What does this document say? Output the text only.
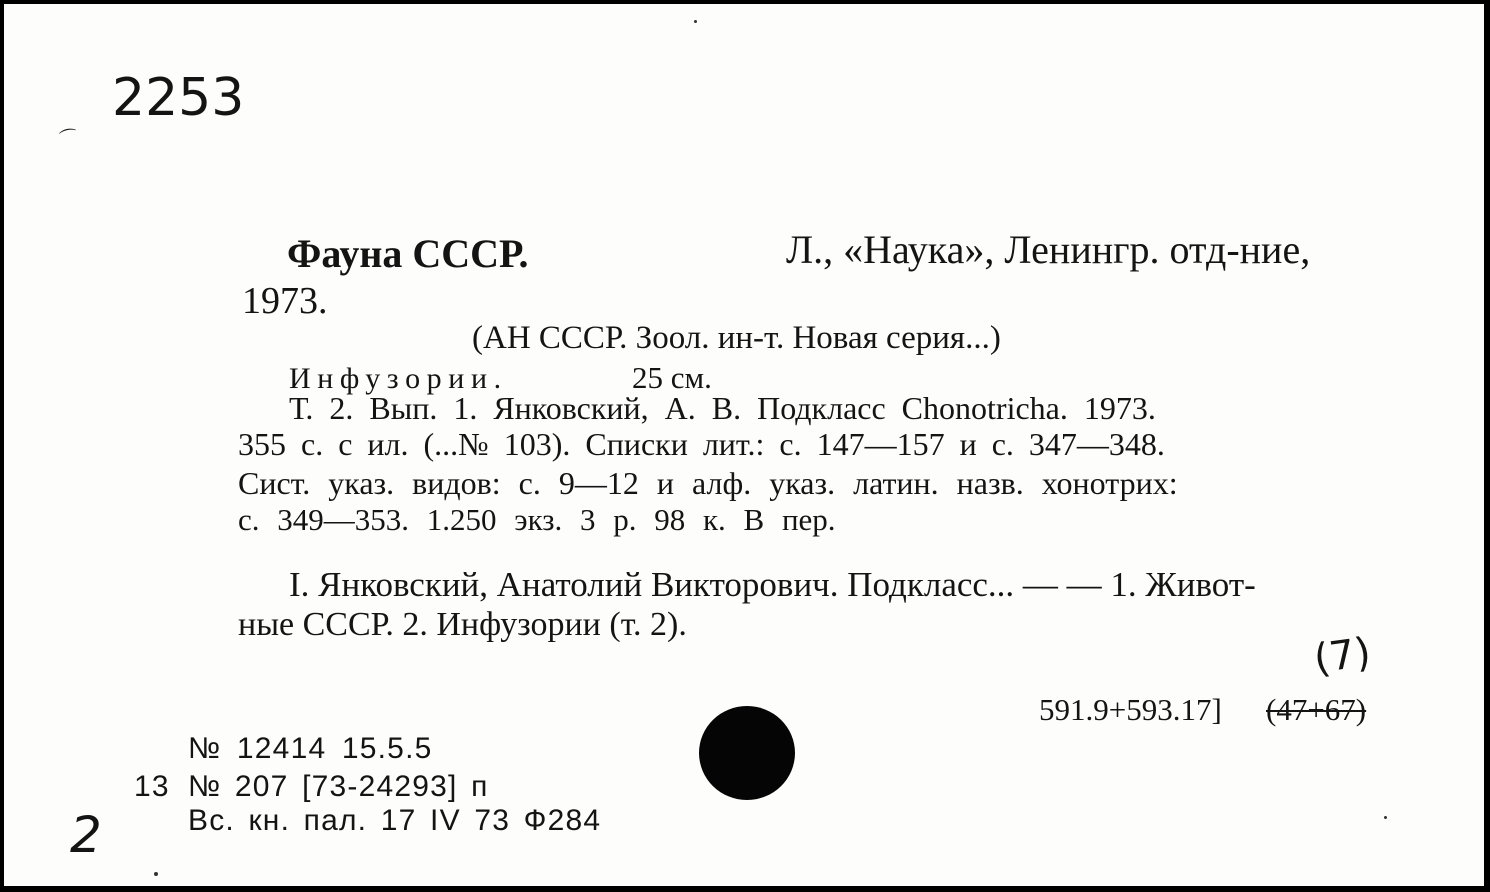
2253
⌒
Фауна СССР.	Л., «Наука», Ленингр. отд-ние,
1973.
(АН СССР. Зоол. ин-т. Новая серия...)
Инфузории.	25 см.
Т. 2. Вып. 1. Янковский, А. В. Подкласс Chonotricha. 1973.
355 с. с ил. (...№ 103). Списки лит.: с. 147—157 и с. 347—348.
Сист. указ. видов: с. 9—12 и алф. указ. латин. назв. хонотрих:
с. 349—353. 1.250 экз. 3 р. 98 к. В пер.
I. Янковский, Анатолий Викторович. Подкласс... — — 1. Живот-
ные СССР. 2. Инфузории (т. 2).
591.9+593.17] (47+67)
(7)
№ 12414 15.5.5
13 № 207 [73-24293] п
Вс. кн. пал. 17 IV 73 Ф284
2
